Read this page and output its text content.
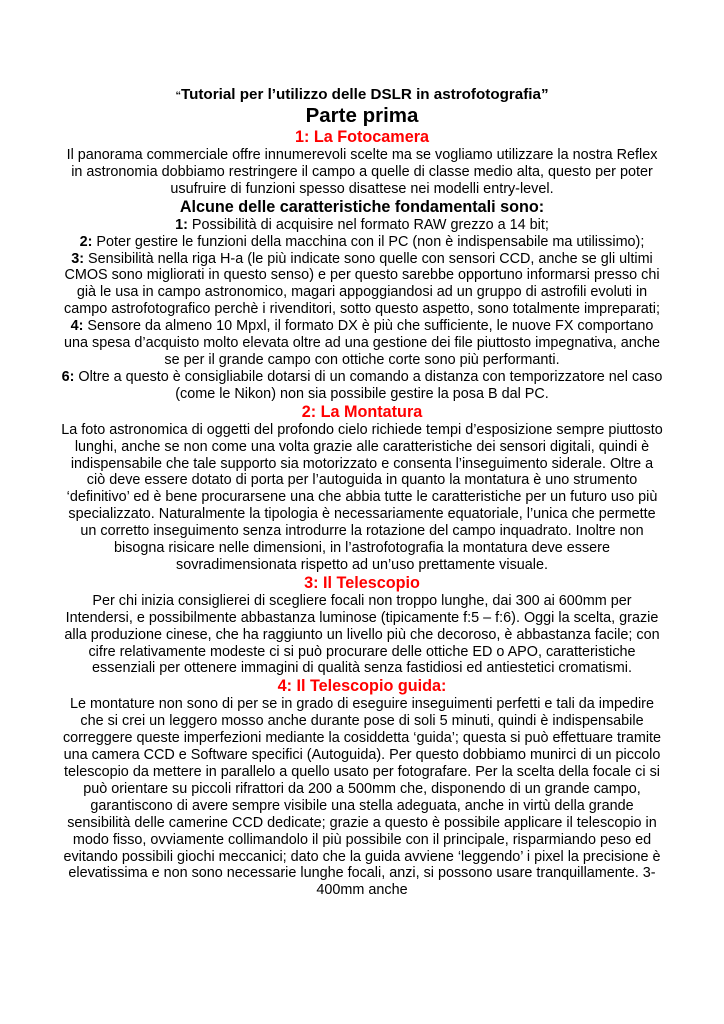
“Tutorial per l’utilizzo delle DSLR in astrofotografia”

Parte prima

1: La Fotocamera

Il panorama commerciale offre innumerevoli scelte ma se vogliamo utilizzare la nostra Reflex in astronomia dobbiamo restringere il campo a quelle di classe medio alta, questo per poter usufruire di funzioni spesso disattese nei modelli entry-level.

Alcune delle caratteristiche fondamentali sono:

1: Possibilità di acquisire nel formato RAW grezzo a 14 bit;

2: Poter gestire le funzioni della macchina con il PC (non è indispensabile ma utilissimo);

3: Sensibilità nella riga H-a (le più indicate sono quelle con sensori CCD, anche se gli ultimi CMOS sono migliorati in questo senso) e per questo sarebbe opportuno informarsi presso chi già le usa in campo astronomico, magari appoggiandosi ad un gruppo di astrofili evoluti in campo astrofotografico perchè i rivenditori, sotto questo aspetto, sono totalmente impreparati;

4: Sensore da almeno 10 Mpxl, il formato DX è più che sufficiente, le nuove FX comportano una spesa d’acquisto molto elevata oltre ad una gestione dei file piuttosto impegnativa, anche se per il grande campo con ottiche corte sono più performanti.

6: Oltre a questo è consigliabile dotarsi di un comando a distanza con temporizzatore nel caso (come le Nikon) non sia possibile gestire la posa B dal PC.

2: La Montatura

La foto astronomica di oggetti del profondo cielo richiede tempi d’esposizione sempre piuttosto lunghi, anche se non come una volta grazie alle caratteristiche dei sensori digitali, quindi è indispensabile che tale supporto sia motorizzato e consenta l’inseguimento siderale. Oltre a ciò deve essere dotato di porta per l’autoguida in quanto la montatura è uno strumento ‘definitivo’ ed è bene procurarsene una che abbia tutte le caratteristiche per un futuro uso più specializzato. Naturalmente la tipologia è necessariamente equatoriale, l’unica che permette un corretto inseguimento senza introdurre la rotazione del campo inquadrato. Inoltre non bisogna risicare nelle dimensioni, in l’astrofotografia la montatura deve essere sovradimensionata rispetto ad un’uso prettamente visuale.

3: Il Telescopio

Per chi inizia consiglierei di scegliere focali non troppo lunghe, dai 300 ai 600mm per Intendersi, e possibilmente abbastanza luminose (tipicamente f:5 – f:6). Oggi la scelta, grazie alla produzione cinese, che ha raggiunto un livello più che decoroso, è abbastanza facile; con cifre relativamente modeste ci si può procurare delle ottiche ED o APO, caratteristiche essenziali per ottenere immagini di qualità senza fastidiosi ed antiestetici cromatismi.

4: Il Telescopio guida:

Le montature non sono di per se in grado di eseguire inseguimenti perfetti e tali da impedire che si crei un leggero mosso anche durante pose di soli 5 minuti, quindi è indispensabile correggere queste imperfezioni mediante la cosiddetta ‘guida’; questa si può effettuare tramite una camera CCD e Software specifici (Autoguida). Per questo dobbiamo munirci di un piccolo telescopio da mettere in parallelo a quello usato per fotografare. Per la scelta della focale ci si può orientare su piccoli rifrattori da 200 a 500mm che, disponendo di un grande campo, garantiscono di avere sempre visibile una stella adeguata, anche in virtù della grande sensibilità delle camerine CCD dedicate; grazie a questo è possibile applicare il telescopio in modo fisso, ovviamente collimandolo il più possibile con il principale, risparmiando peso ed evitando possibili giochi meccanici; dato che la guida avviene ‘leggendo’ i pixel la precisione è elevatissima e non sono necessarie lunghe focali, anzi, si possono usare tranquillamente. 3-400mm anche
